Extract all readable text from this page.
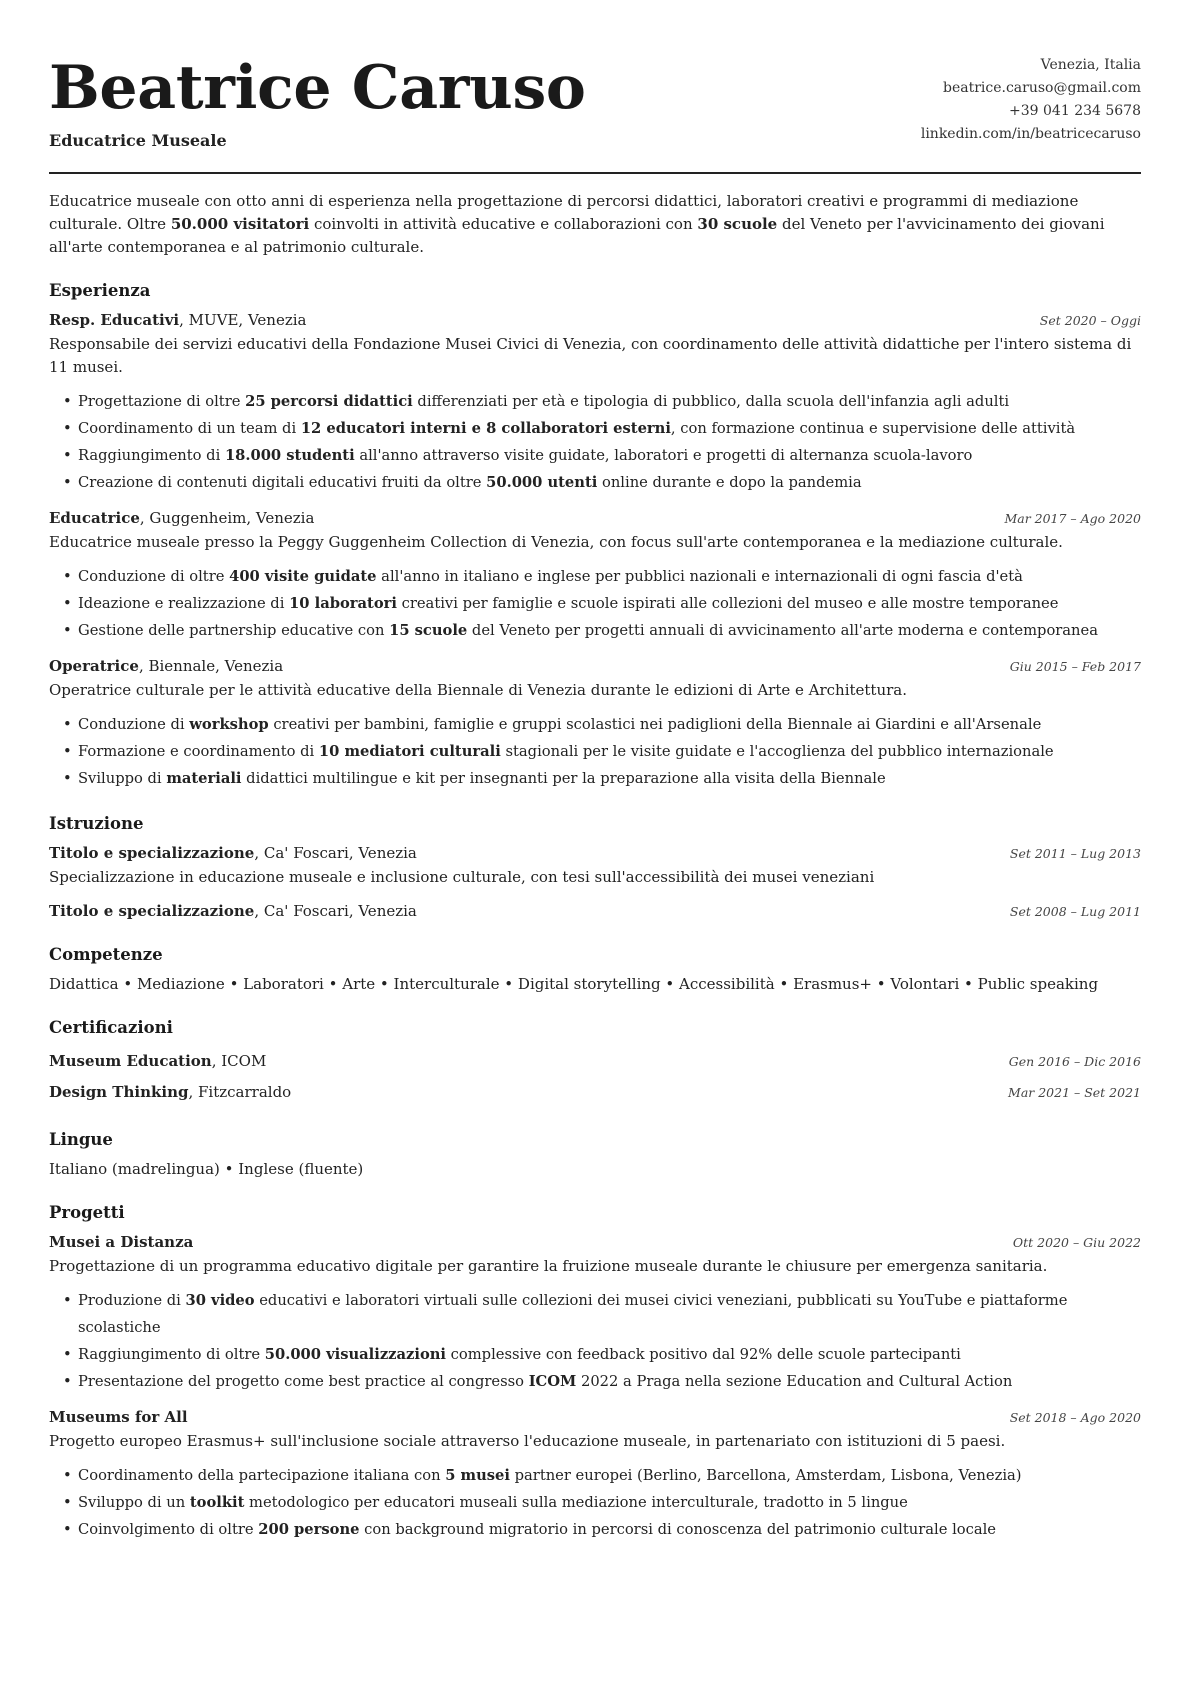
Beatrice Caruso
Educatrice Museale
Venezia, Italia
beatrice.caruso@gmail.com
+39 041 234 5678
linkedin.com/in/beatricecaruso

Educatrice museale con otto anni di esperienza nella progettazione di percorsi didattici, laboratori creativi e programmi di mediazione culturale. Oltre 50.000 visitatori coinvolti in attività educative e collaborazioni con 30 scuole del Veneto per l'avvicinamento dei giovani all'arte contemporanea e al patrimonio culturale.

Esperienza
Resp. Educativi, MUVE, Venezia	Set 2020 – Oggi
Responsabile dei servizi educativi della Fondazione Musei Civici di Venezia, con coordinamento delle attività didattiche per l'intero sistema di 11 musei.
• Progettazione di oltre 25 percorsi didattici differenziati per età e tipologia di pubblico, dalla scuola dell'infanzia agli adulti
• Coordinamento di un team di 12 educatori interni e 8 collaboratori esterni, con formazione continua e supervisione delle attività
• Raggiungimento di 18.000 studenti all'anno attraverso visite guidate, laboratori e progetti di alternanza scuola-lavoro
• Creazione di contenuti digitali educativi fruiti da oltre 50.000 utenti online durante e dopo la pandemia
Educatrice, Guggenheim, Venezia	Mar 2017 – Ago 2020
Educatrice museale presso la Peggy Guggenheim Collection di Venezia, con focus sull'arte contemporanea e la mediazione culturale.
• Conduzione di oltre 400 visite guidate all'anno in italiano e inglese per pubblici nazionali e internazionali di ogni fascia d'età
• Ideazione e realizzazione di 10 laboratori creativi per famiglie e scuole ispirati alle collezioni del museo e alle mostre temporanee
• Gestione delle partnership educative con 15 scuole del Veneto per progetti annuali di avvicinamento all'arte moderna e contemporanea
Operatrice, Biennale, Venezia	Giu 2015 – Feb 2017
Operatrice culturale per le attività educative della Biennale di Venezia durante le edizioni di Arte e Architettura.
• Conduzione di workshop creativi per bambini, famiglie e gruppi scolastici nei padiglioni della Biennale ai Giardini e all'Arsenale
• Formazione e coordinamento di 10 mediatori culturali stagionali per le visite guidate e l'accoglienza del pubblico internazionale
• Sviluppo di materiali didattici multilingue e kit per insegnanti per la preparazione alla visita della Biennale
Istruzione
Titolo e specializzazione, Ca' Foscari, Venezia	Set 2011 – Lug 2013
Specializzazione in educazione museale e inclusione culturale, con tesi sull'accessibilità dei musei veneziani
Titolo e specializzazione, Ca' Foscari, Venezia	Set 2008 – Lug 2011
Competenze
Didattica • Mediazione • Laboratori • Arte • Interculturale • Digital storytelling • Accessibilità • Erasmus+ • Volontari • Public speaking
Certificazioni
Museum Education, ICOM	Gen 2016 – Dic 2016
Design Thinking, Fitzcarraldo	Mar 2021 – Set 2021
Lingue
Italiano (madrelingua) • Inglese (fluente)
Progetti
Musei a Distanza	Ott 2020 – Giu 2022
Progettazione di un programma educativo digitale per garantire la fruizione museale durante le chiusure per emergenza sanitaria.
• Produzione di 30 video educativi e laboratori virtuali sulle collezioni dei musei civici veneziani, pubblicati su YouTube e piattaforme scolastiche
• Raggiungimento di oltre 50.000 visualizzazioni complessive con feedback positivo dal 92% delle scuole partecipanti
• Presentazione del progetto come best practice al congresso ICOM 2022 a Praga nella sezione Education and Cultural Action
Museums for All	Set 2018 – Ago 2020
Progetto europeo Erasmus+ sull'inclusione sociale attraverso l'educazione museale, in partenariato con istituzioni di 5 paesi.
• Coordinamento della partecipazione italiana con 5 musei partner europei (Berlino, Barcellona, Amsterdam, Lisbona, Venezia)
• Sviluppo di un toolkit metodologico per educatori museali sulla mediazione interculturale, tradotto in 5 lingue
• Coinvolgimento di oltre 200 persone con background migratorio in percorsi di conoscenza del patrimonio culturale locale
